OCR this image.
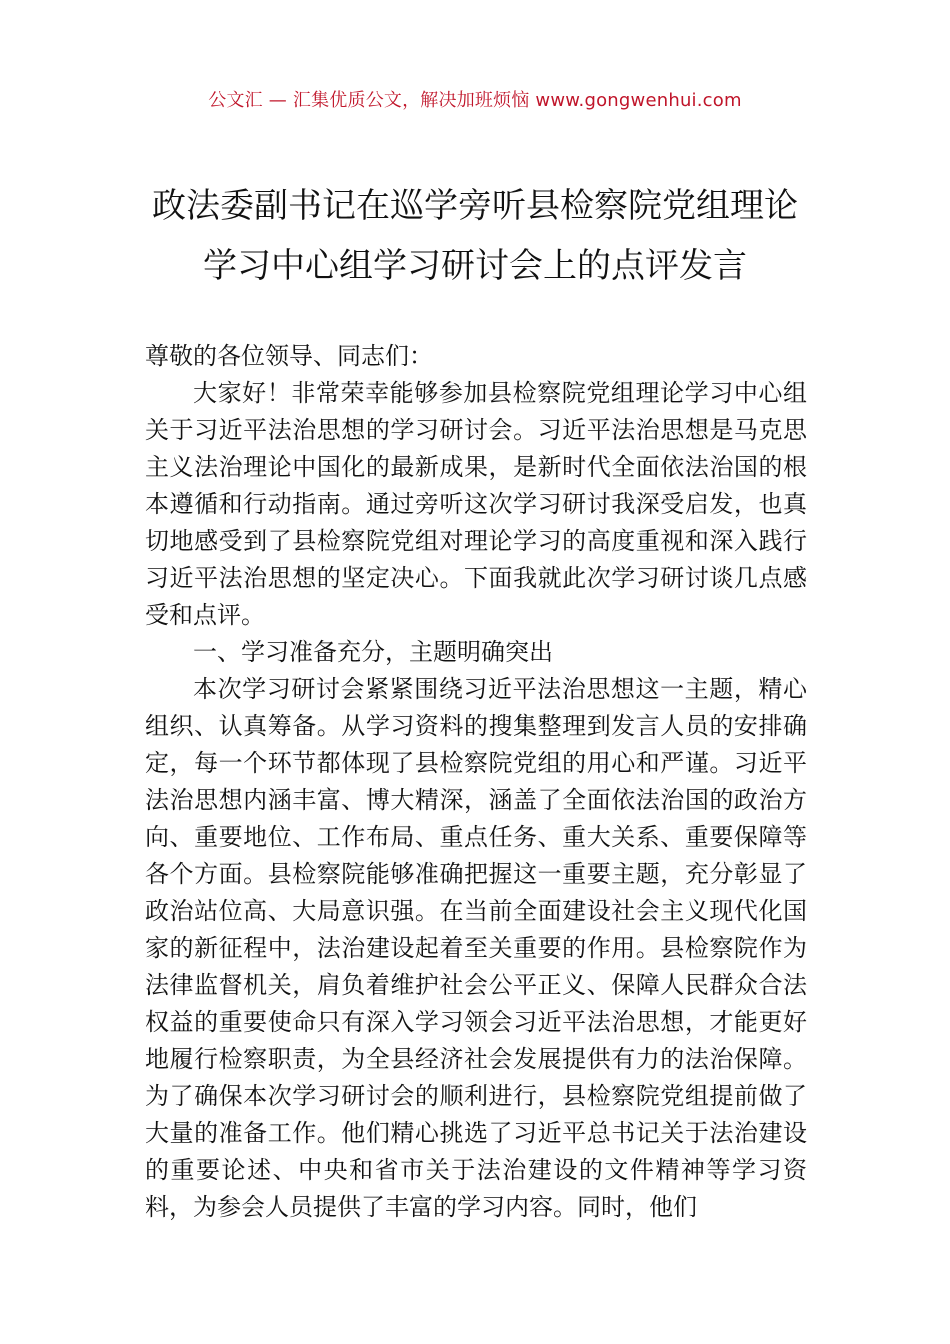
公文汇 — 汇集优质公文，解决加班烦恼 www.gongwenhui.com
政法委副书记在巡学旁听县检察院党组理论学习中心组学习研讨会上的点评发言

尊敬的各位领导、同志们：

大家好！非常荣幸能够参加县检察院党组理论学习中心组关于习近平法治思想的学习研讨会。习近平法治思想是马克思主义法治理论中国化的最新成果，是新时代全面依法治国的根本遵循和行动指南。通过旁听这次学习研讨我深受启发，也真切地感受到了县检察院党组对理论学习的高度重视和深入践行习近平法治思想的坚定决心。下面我就此次学习研讨谈几点感受和点评。

一、学习准备充分，主题明确突出

本次学习研讨会紧紧围绕习近平法治思想这一主题，精心组织、认真筹备。从学习资料的搜集整理到发言人员的安排确定，每一个环节都体现了县检察院党组的用心和严谨。习近平法治思想内涵丰富、博大精深，涵盖了全面依法治国的政治方向、重要地位、工作布局、重点任务、重大关系、重要保障等各个方面。县检察院能够准确把握这一重要主题，充分彰显了政治站位高、大局意识强。在当前全面建设社会主义现代化国家的新征程中，法治建设起着至关重要的作用。县检察院作为法律监督机关，肩负着维护社会公平正义、保障人民群众合法权益的重要使命只有深入学习领会习近平法治思想，才能更好地履行检察职责，为全县经济社会发展提供有力的法治保障。为了确保本次学习研讨会的顺利进行，县检察院党组提前做了大量的准备工作。他们精心挑选了习近平总书记关于法治建设的重要论述、中央和省市关于法治建设的文件精神等学习资料，为参会人员提供了丰富的学习内容。同时，他们
